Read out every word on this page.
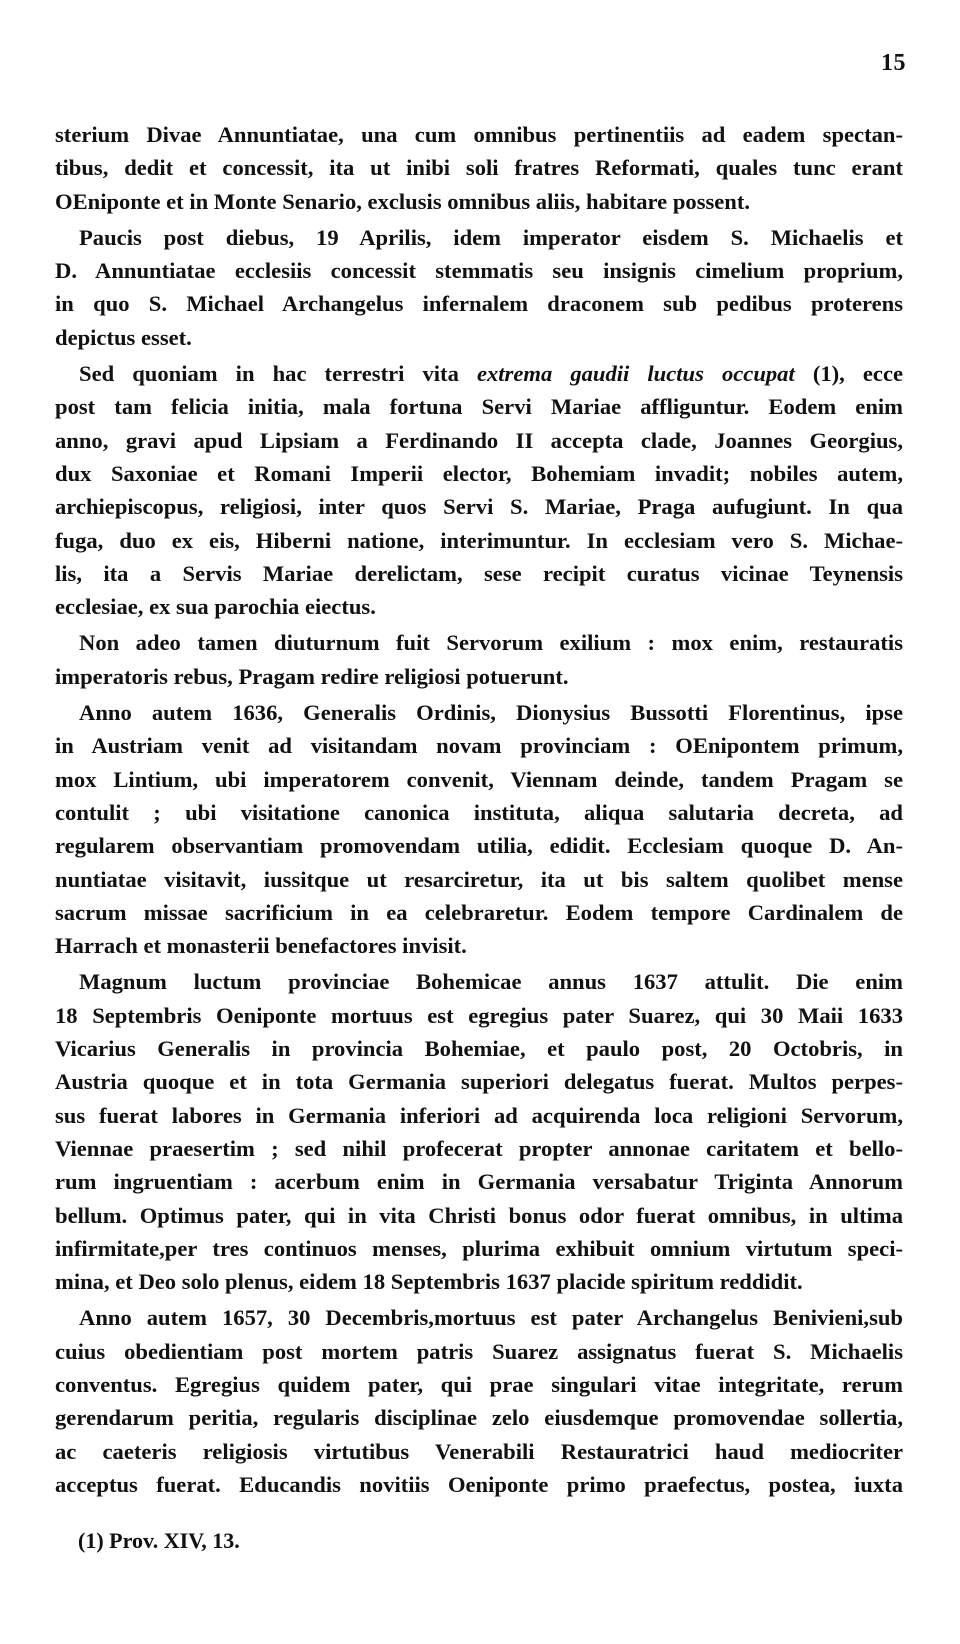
15

sterium Divae Annuntiatae, una cum omnibus pertinentiis ad eadem spectan-
tibus, dedit et concessit, ita ut inibi soli fratres Reformati, quales tunc erant
OEniponte et in Monte Senario, exclusis omnibus aliis, habitare possent.

Paucis post diebus, 19 Aprilis, idem imperator eisdem S. Michaelis et
D. Annuntiatae ecclesiis concessit stemmatis seu insignis cimelium proprium,
in quo S. Michael Archangelus infernalem draconem sub pedibus proterens
depictus esset.

Sed quoniam in hac terrestri vita extrema gaudii luctus occupat (1), ecce
post tam felicia initia, mala fortuna Servi Mariae affliguntur. Eodem enim
anno, gravi apud Lipsiam a Ferdinando II accepta clade, Joannes Georgius,
dux Saxoniae et Romani Imperii elector, Bohemiam invadit; nobiles autem,
archiepiscopus, religiosi, inter quos Servi S. Mariae, Praga aufugiunt. In qua
fuga, duo ex eis, Hiberni natione, interimuntur. In ecclesiam vero S. Michae-
lis, ita a Servis Mariae derelictam, sese recipit curatus vicinae Teynensis
ecclesiae, ex sua parochia eiectus.

Non adeo tamen diuturnum fuit Servorum exilium : mox enim, restauratis
imperatoris rebus, Pragam redire religiosi potuerunt.

Anno autem 1636, Generalis Ordinis, Dionysius Bussotti Florentinus, ipse
in Austriam venit ad visitandam novam provinciam : OEnipontem primum,
mox Lintium, ubi imperatorem convenit, Viennam deinde, tandem Pragam se
contulit ; ubi visitatione canonica instituta, aliqua salutaria decreta, ad
regularem observantiam promovendam utilia, edidit. Ecclesiam quoque D. An-
nuntiatae visitavit, iussitque ut resarciretur, ita ut bis saltem quolibet mense
sacrum missae sacrificium in ea celebraretur. Eodem tempore Cardinalem de
Harrach et monasterii benefactores invisit.

Magnum luctum provinciae Bohemicae annus 1637 attulit. Die enim
18 Septembris Oeniponte mortuus est egregius pater Suarez, qui 30 Maii 1633
Vicarius Generalis in provincia Bohemiae, et paulo post, 20 Octobris, in
Austria quoque et in tota Germania superiori delegatus fuerat. Multos perpes-
sus fuerat labores in Germania inferiori ad acquirenda loca religioni Servorum,
Viennae praesertim ; sed nihil profecerat propter annonae caritatem et bello-
rum ingruentiam : acerbum enim in Germania versabatur Triginta Annorum
bellum. Optimus pater, qui in vita Christi bonus odor fuerat omnibus, in ultima
infirmitate,per tres continuos menses, plurima exhibuit omnium virtutum speci-
mina, et Deo solo plenus, eidem 18 Septembris 1637 placide spiritum reddidit.

Anno autem 1657, 30 Decembris,mortuus est pater Archangelus Benivieni,sub
cuius obedientiam post mortem patris Suarez assignatus fuerat S. Michaelis
conventus. Egregius quidem pater, qui prae singulari vitae integritate, rerum
gerendarum peritia, regularis disciplinae zelo eiusdemque promovendae sollertia,
ac caeteris religiosis virtutibus Venerabili Restauratrici haud mediocriter
acceptus fuerat. Educandis novitiis Oeniponte primo praefectus, postea, iuxta

(1) Prov. XIV, 13.
